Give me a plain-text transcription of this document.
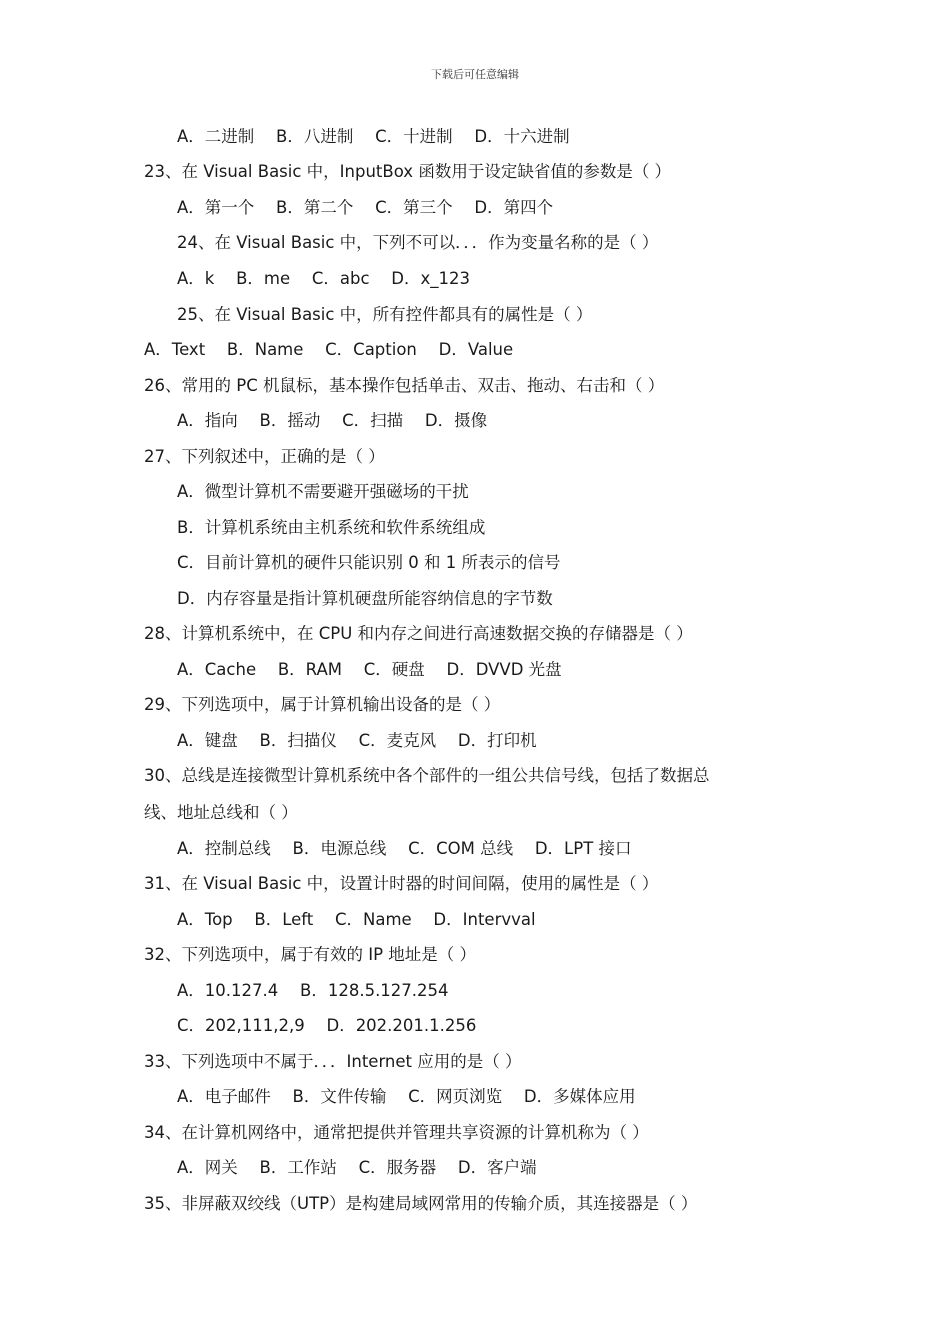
下载后可任意编辑
A．二进制　 B．八进制　 C．十进制　 D．十六进制
23、在 Visual Basic 中，InputBox 函数用于设定缺省值的参数是（ ）
A．第一个　 B．第二个　 C．第三个　 D．第四个
24、在 Visual Basic 中，下列不可以．．．作为变量名称的是（ ）
A．k　 B．me　 C．abc　 D．x_123
25、在 Visual Basic 中，所有控件都具有的属性是（ ）
A．Text　 B．Name　 C．Caption　 D．Value
26、常用的 PC 机鼠标，基本操作包括单击、双击、拖动、右击和（ ）
A．指向　 B．摇动　 C．扫描　 D．摄像
27、下列叙述中，正确的是（ ）
A．微型计算机不需要避开强磁场的干扰
B．计算机系统由主机系统和软件系统组成
C．目前计算机的硬件只能识别 0 和 1 所表示的信号
D．内存容量是指计算机硬盘所能容纳信息的字节数
28、计算机系统中，在 CPU 和内存之间进行高速数据交换的存储器是（ ）
A．Cache　 B．RAM　 C．硬盘　 D．DVVD 光盘
29、下列选项中，属于计算机输出设备的是（ ）
A．键盘　 B．扫描仪　 C．麦克风　 D．打印机
30、总线是连接微型计算机系统中各个部件的一组公共信号线，包括了数据总
线、地址总线和（ ）
A．控制总线　 B．电源总线　 C．COM 总线　 D．LPT 接口
31、在 Visual Basic 中，设置计时器的时间间隔，使用的属性是（ ）
A．Top　 B．Left　 C．Name　 D．Intervval
32、下列选项中，属于有效的 IP 地址是（ ）
A．10.127.4　 B．128.5.127.254
C．202,111,2,9　 D．202.201.1.256
33、下列选项中不属于．．．Internet 应用的是（ ）
A．电子邮件　 B．文件传输　 C．网页浏览　 D．多媒体应用
34、在计算机网络中，通常把提供并管理共享资源的计算机称为（ ）
A．网关　 B．工作站　 C．服务器　 D．客户端
35、非屏蔽双绞线（UTP）是构建局域网常用的传输介质，其连接器是（ ）
